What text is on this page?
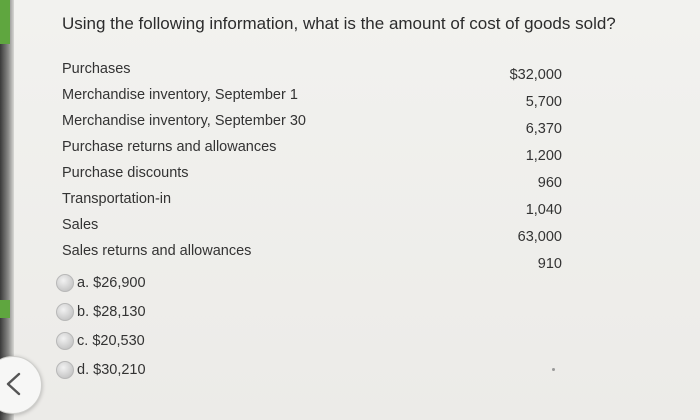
Using the following information, what is the amount of cost of goods sold?
Purchases
Merchandise inventory, September 1
Merchandise inventory, September 30
Purchase returns and allowances
Purchase discounts
Transportation-in
Sales
Sales returns and allowances
$32,000
5,700
6,370
1,200
960
1,040
63,000
910
a. $26,900
b. $28,130
c. $20,530
d. $30,210
